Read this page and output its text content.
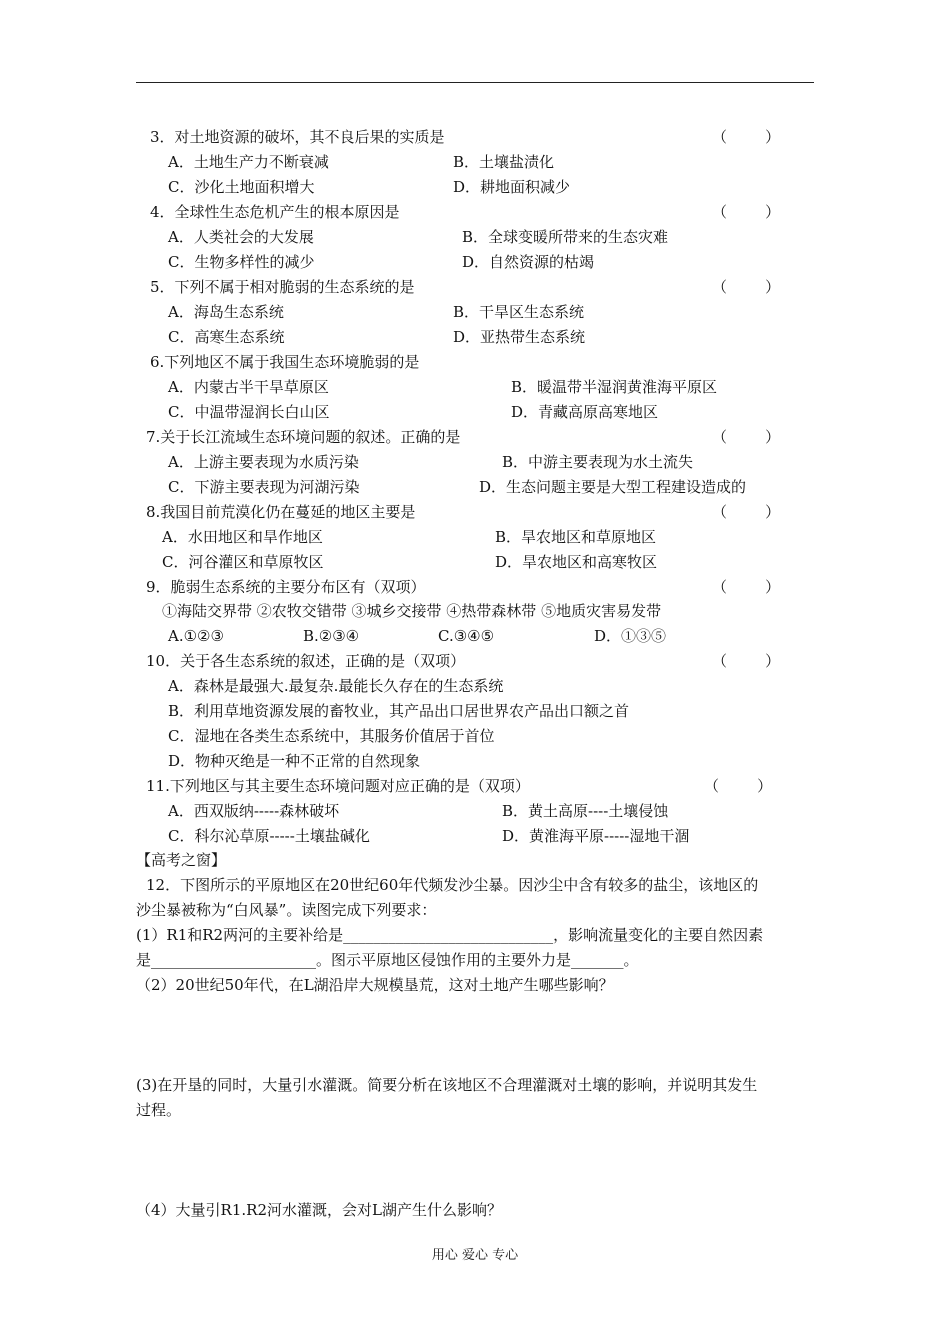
3．对土地资源的破坏，其不良后果的实质是	（        ）
A．土地生产力不断衰减	B．土壤盐渍化
C．沙化土地面积增大	D．耕地面积减少
4．全球性生态危机产生的根本原因是	（        ）
A．人类社会的大发展	B．全球变暖所带来的生态灾难
C．生物多样性的减少	D．自然资源的枯竭
5．下列不属于相对脆弱的生态系统的是	（        ）
A．海岛生态系统	B．干旱区生态系统
C．高寒生态系统	D．亚热带生态系统
6.下列地区不属于我国生态环境脆弱的是
A．内蒙古半干旱草原区	B．暖温带半湿润黄淮海平原区
C．中温带湿润长白山区	D．青藏高原高寒地区
7.关于长江流域生态环境问题的叙述。正确的是	（        ）
A．上游主要表现为水质污染	B．中游主要表现为水土流失
C．下游主要表现为河湖污染	D．生态问题主要是大型工程建设造成的
8.我国目前荒漠化仍在蔓延的地区主要是	（        ）
A．水田地区和旱作地区	B．旱农地区和草原地区
C．河谷灌区和草原牧区	D．旱农地区和高寒牧区
9．脆弱生态系统的主要分布区有（双项）	（        ）
①海陆交界带 ②农牧交错带 ③城乡交接带 ④热带森林带 ⑤地质灾害易发带
A.①②③	B.②③④	C.③④⑤	D．①③⑤
10．关于各生态系统的叙述，正确的是（双项）	（        ）
A．森林是最强大.最复杂.最能长久存在的生态系统
B．利用草地资源发展的畜牧业，其产品出口居世界农产品出口额之首
C．湿地在各类生态系统中，其服务价值居于首位
D．物种灭绝是一种不正常的自然现象
11.下列地区与其主要生态环境问题对应正确的是（双项）	（        ）
A．西双版纳-----森林破坏	B．黄土高原----土壤侵蚀
C．科尔沁草原-----土壤盐碱化	D．黄淮海平原-----湿地干涸
【高考之窗】
12．下图所示的平原地区在20世纪60年代频发沙尘暴。因沙尘中含有较多的盐尘，该地区的
沙尘暴被称为“白风暴”。读图完成下列要求：
(1）R1和R2两河的主要补给是____________________________，影响流量变化的主要自然因素
是______________________。图示平原地区侵蚀作用的主要外力是_______。
（2）20世纪50年代，在L湖沿岸大规模垦荒，这对土地产生哪些影响？
(3)在开垦的同时，大量引水灌溉。简要分析在该地区不合理灌溉对土壤的影响，并说明其发生
过程。
（4）大量引R1.R2河水灌溉，会对L湖产生什么影响？
用心 爱心 专心
